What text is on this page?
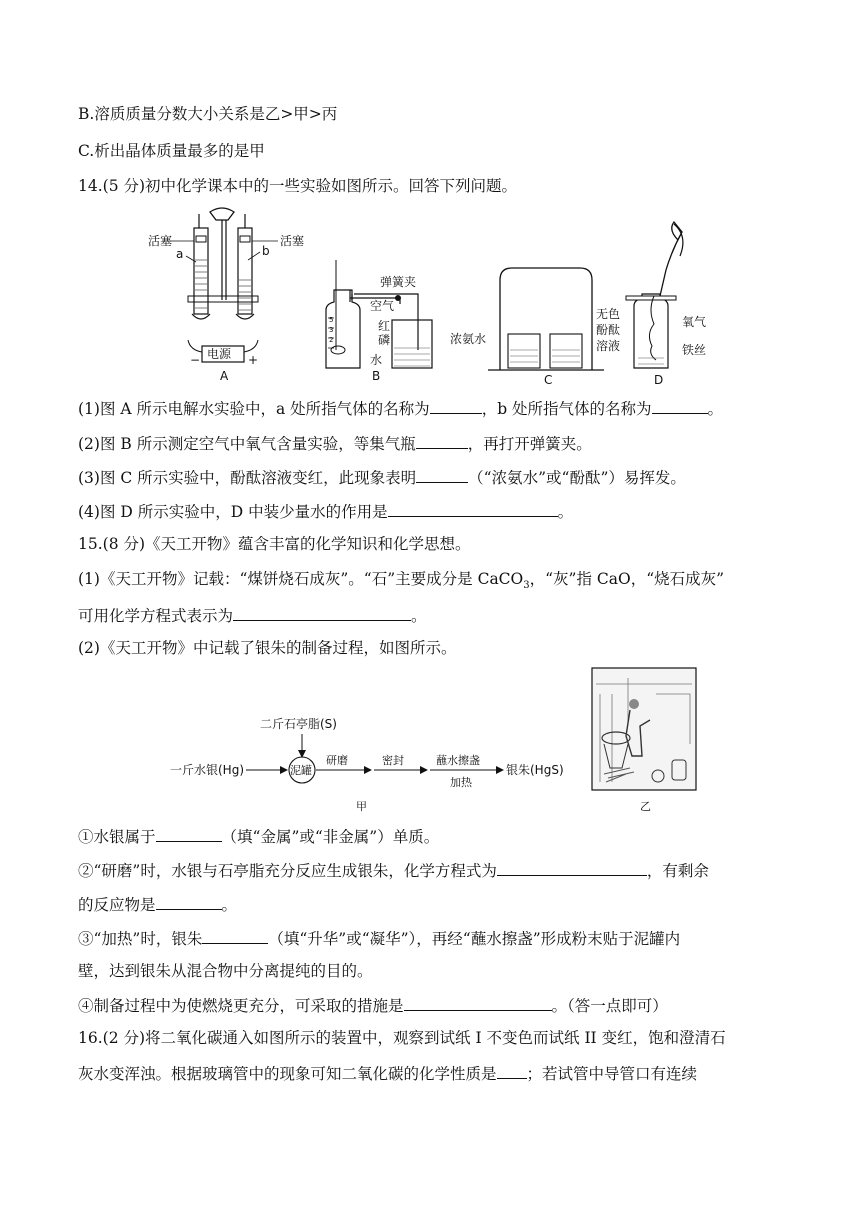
B.溶质质量分数大小关系是乙>甲>丙
C.析出晶体质量最多的是甲
14.(5 分)初中化学课本中的一些实验如图所示。回答下列问题。
活塞	活塞
a	b
电源
−	+
A
5
3
2
弹簧夹
空气
红
磷
水
B
浓氨水
无色
酚酞
溶液
C
氧气
铁丝
D
(1)图 A 所示电解水实验中，a 处所指气体的名称为	，b 处所指气体的名称为	。
(2)图 B 所示测定空气中氧气含量实验，等集气瓶	，再打开弹簧夹。
(3)图 C 所示实验中，酚酞溶液变红，此现象表明	（“浓氨水”或“酚酞”）易挥发。
(4)图 D 所示实验中，D 中装少量水的作用是	。
15.(8 分)《天工开物》蕴含丰富的化学知识和化学思想。
(1)《天工开物》记载：“煤饼烧石成灰”。“石”主要成分是 CaCO$_3$，“灰”指 CaO，“烧石成灰”
可用化学方程式表示为	。
(2)《天工开物》中记载了银朱的制备过程，如图所示。
一斤水银(Hg)
二斤石亭脂(S)
泥罐
研磨	密封	蘸水擦盏
加热
银朱(HgS)
甲	乙
①水银属于	（填“金属”或“非金属”）单质。
②“研磨”时，水银与石亭脂充分反应生成银朱，化学方程式为	，有剩余
的反应物是	。
③“加热”时，银朱	（填“升华”或“凝华”），再经“蘸水擦盏”形成粉末贴于泥罐内
壁，达到银朱从混合物中分离提纯的目的。
④制备过程中为使燃烧更充分，可采取的措施是	。（答一点即可）
16.(2 分)将二氧化碳通入如图所示的装置中，观察到试纸 I 不变色而试纸 II 变红，饱和澄清石
灰水变浑浊。根据玻璃管中的现象可知二氧化碳的化学性质是 ；若试管中导管口有连续
